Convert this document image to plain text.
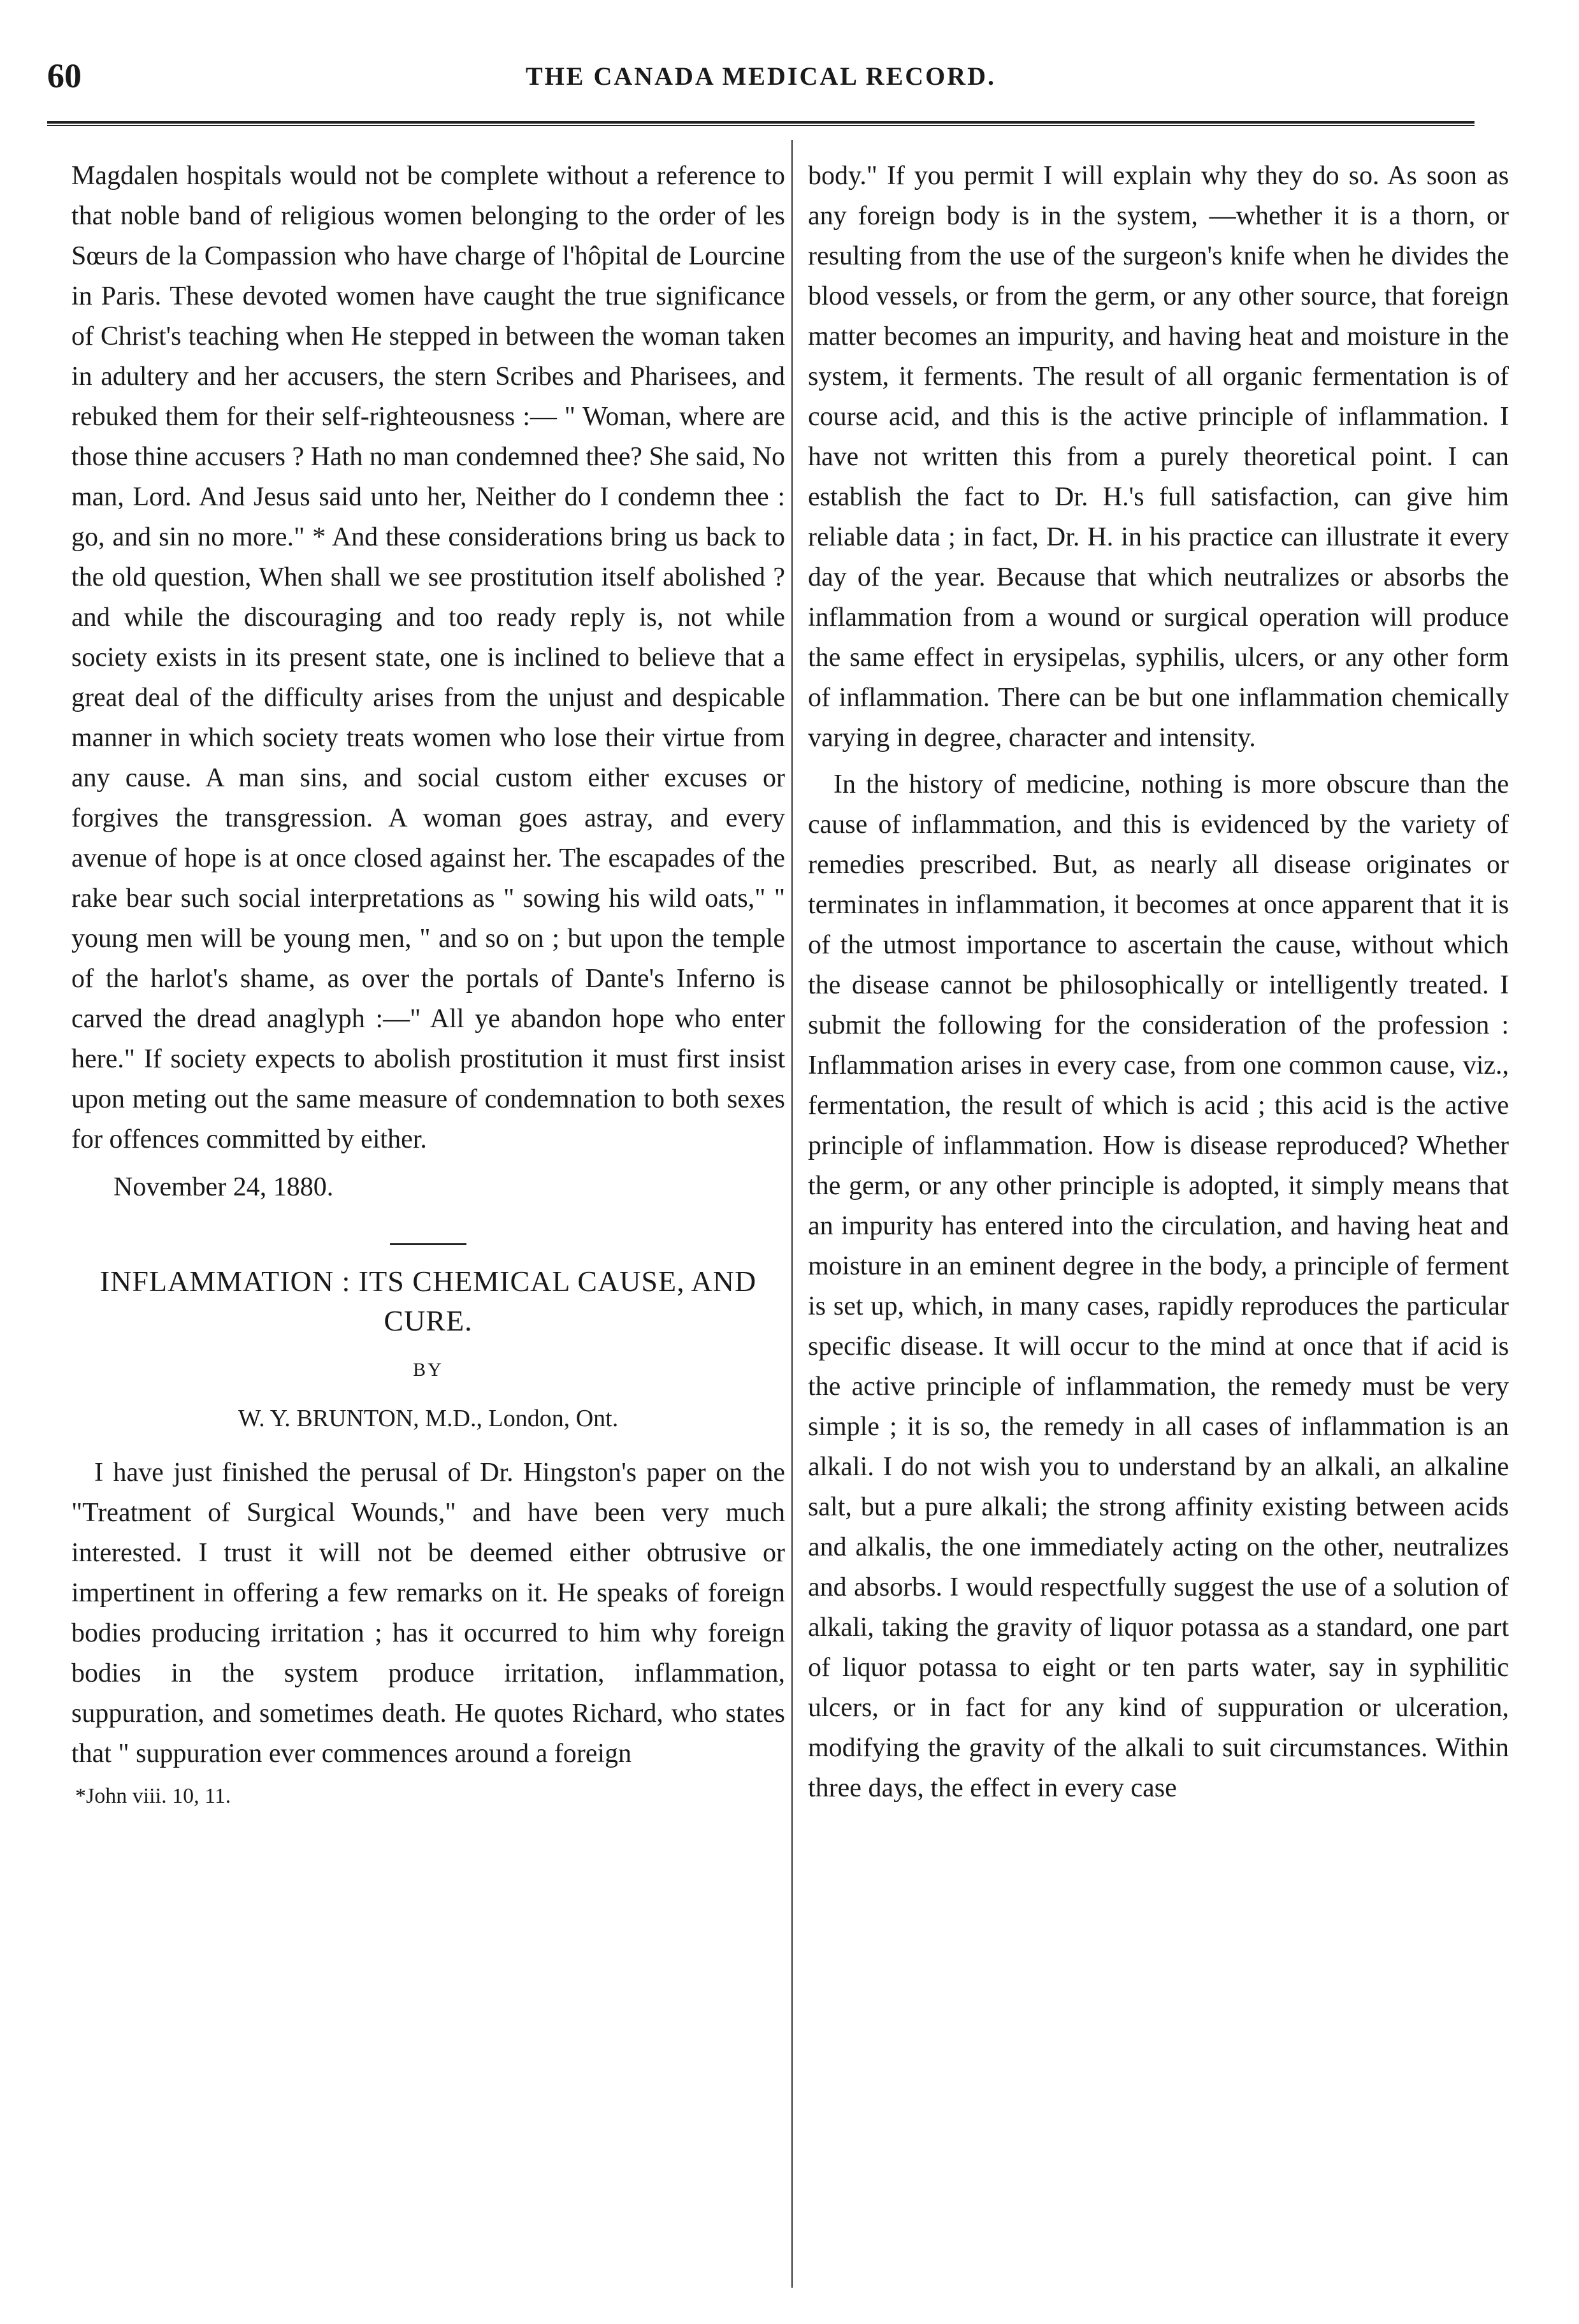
60	THE CANADA MEDICAL RECORD.

Magdalen hospitals would not be complete without a reference to that noble band of religious women belonging to the order of les Sœurs de la Compassion who have charge of l'hôpital de Lourcine in Paris. These devoted women have caught the true significance of Christ's teaching when He stepped in between the woman taken in adultery and her accusers, the stern Scribes and Pharisees, and rebuked them for their self-righteousness :— " Woman, where are those thine accusers ? Hath no man condemned thee? She said, No man, Lord. And Jesus said unto her, Neither do I condemn thee : go, and sin no more." * And these considerations bring us back to the old question, When shall we see prostitution itself abolished ? and while the discouraging and too ready reply is, not while society exists in its present state, one is inclined to believe that a great deal of the difficulty arises from the unjust and despicable manner in which society treats women who lose their virtue from any cause. A man sins, and social custom either excuses or forgives the transgression. A woman goes astray, and every avenue of hope is at once closed against her. The escapades of the rake bear such social interpretations as " sowing his wild oats," " young men will be young men, " and so on ; but upon the temple of the harlot's shame, as over the portals of Dante's Inferno is carved the dread anaglyph :—" All ye abandon hope who enter here." If society expects to abolish prostitution it must first insist upon meting out the same measure of condemnation to both sexes for offences committed by either.

November 24, 1880.

INFLAMMATION : ITS CHEMICAL CAUSE, AND CURE.

BY

W. Y. BRUNTON, M.D., London, Ont.

I have just finished the perusal of Dr. Hingston's paper on the "Treatment of Surgical Wounds," and have been very much interested. I trust it will not be deemed either obtrusive or impertinent in offering a few remarks on it. He speaks of foreign bodies producing irritation ; has it occurred to him why foreign bodies in the system produce irritation, inflammation, suppuration, and sometimes death. He quotes Richard, who states that " suppuration ever commences around a foreign

*John viii. 10, 11.

body." If you permit I will explain why they do so. As soon as any foreign body is in the system, —whether it is a thorn, or resulting from the use of the surgeon's knife when he divides the blood vessels, or from the germ, or any other source, that foreign matter becomes an impurity, and having heat and moisture in the system, it ferments. The result of all organic fermentation is of course acid, and this is the active principle of inflammation. I have not written this from a purely theoretical point. I can establish the fact to Dr. H.'s full satisfaction, can give him reliable data ; in fact, Dr. H. in his practice can illustrate it every day of the year. Because that which neutralizes or absorbs the inflammation from a wound or surgical operation will produce the same effect in erysipelas, syphilis, ulcers, or any other form of inflammation. There can be but one inflammation chemically varying in degree, character and intensity.

In the history of medicine, nothing is more obscure than the cause of inflammation, and this is evidenced by the variety of remedies prescribed. But, as nearly all disease originates or terminates in inflammation, it becomes at once apparent that it is of the utmost importance to ascertain the cause, without which the disease cannot be philosophically or intelligently treated. I submit the following for the consideration of the profession : Inflammation arises in every case, from one common cause, viz., fermentation, the result of which is acid ; this acid is the active principle of inflammation. How is disease reproduced? Whether the germ, or any other principle is adopted, it simply means that an impurity has entered into the circulation, and having heat and moisture in an eminent degree in the body, a principle of ferment is set up, which, in many cases, rapidly reproduces the particular specific disease. It will occur to the mind at once that if acid is the active principle of inflammation, the remedy must be very simple ; it is so, the remedy in all cases of inflammation is an alkali. I do not wish you to understand by an alkali, an alkaline salt, but a pure alkali; the strong affinity existing between acids and alkalis, the one immediately acting on the other, neutralizes and absorbs. I would respectfully suggest the use of a solution of alkali, taking the gravity of liquor potassa as a standard, one part of liquor potassa to eight or ten parts water, say in syphilitic ulcers, or in fact for any kind of suppuration or ulceration, modifying the gravity of the alkali to suit circumstances. Within three days, the effect in every case
